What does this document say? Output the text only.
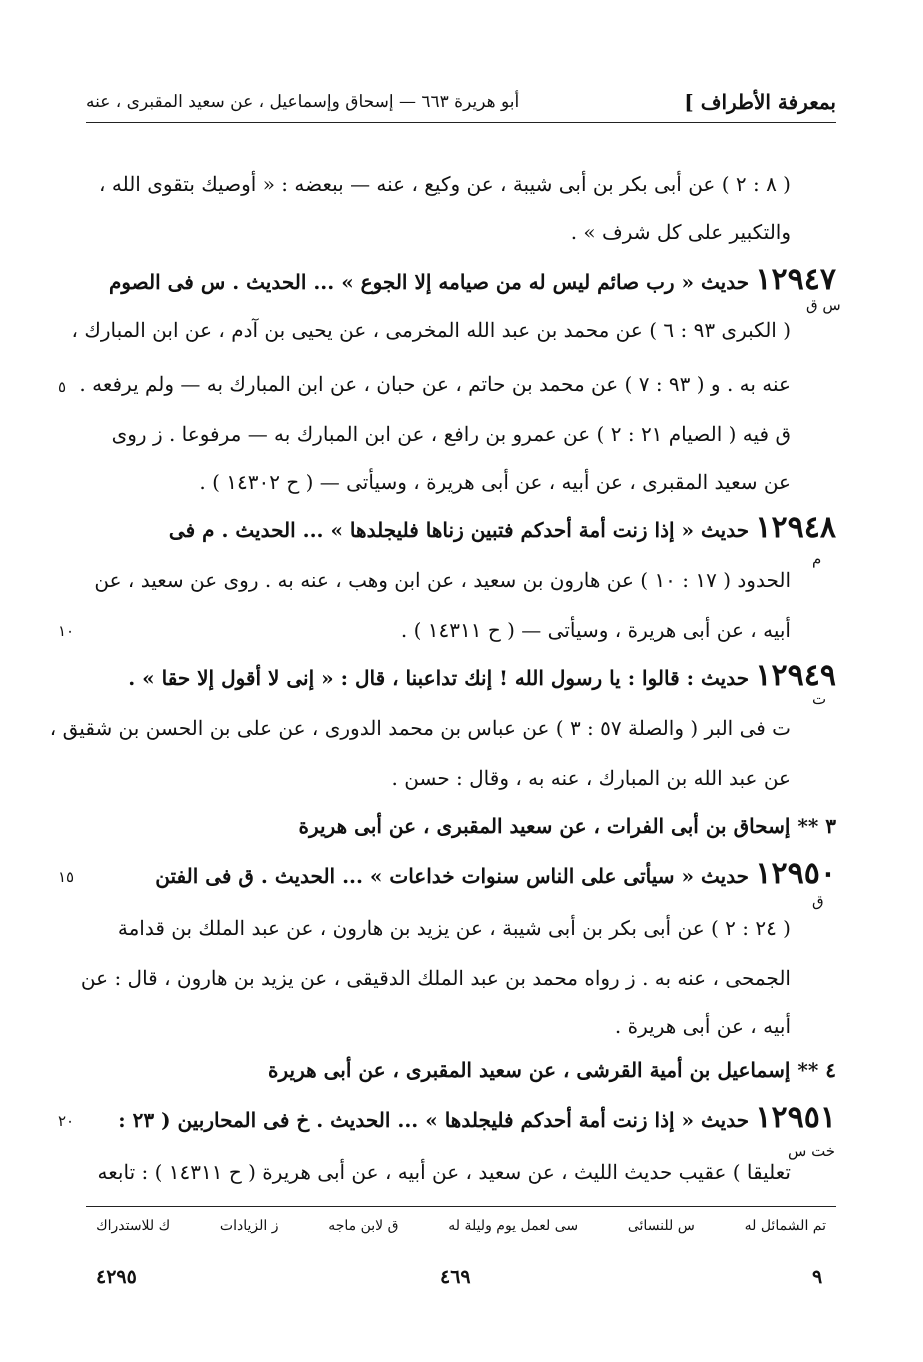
أبو هريرة ٦٦٣ — إسحاق وإسماعيل ، عن سعيد المقبرى ، عنه	بمعرفة الأطراف ]
( ٨ : ٢ ) عن أبى بكر بن أبى شيبة ، عن وكيع ، عنه — ببعضه : « أوصيك بتقوى الله ،
والتكبير على كل شرف » .
١٢٩٤٧ حديث « رب صائم ليس له من صيامه إلا الجوع » ... الحديث . س فى الصوم
( الكبرى ٩٣ : ٦ ) عن محمد بن عبد الله المخرمى ، عن يحيى بن آدم ، عن ابن المبارك ،
عنه به . و ( ٩٣ : ٧ ) عن محمد بن حاتم ، عن حبان ، عن ابن المبارك به — ولم يرفعه .
ق فيه ( الصيام ٢١ : ٢ ) عن عمرو بن رافع ، عن ابن المبارك به — مرفوعا . ز روى
عن سعيد المقبرى ، عن أبيه ، عن أبى هريرة ، وسيأتى — ( ح ١٤٣٠٢ ) .
١٢٩٤٨ حديث « إذا زنت أمة أحدكم فتبين زناها فليجلدها » ... الحديث . م فى
الحدود ( ١٧ : ١٠ ) عن هارون بن سعيد ، عن ابن وهب ، عنه به . روى عن سعيد ، عن
أبيه ، عن أبى هريرة ، وسيأتى — ( ح ١٤٣١١ ) .
١٢٩٤٩ حديث : قالوا : يا رسول الله ! إنك تداعبنا ، قال : « إنى لا أقول إلا حقا » .
ت فى البر ( والصلة ٥٧ : ٣ ) عن عباس بن محمد الدورى ، عن على بن الحسن بن شقيق ،
عن عبد الله بن المبارك ، عنه به ، وقال : حسن .
٣ ** إسحاق بن أبى الفرات ، عن سعيد المقبرى ، عن أبى هريرة
١٢٩٥٠ حديث « سيأتى على الناس سنوات خداعات » ... الحديث . ق فى الفتن
( ٢٤ : ٢ ) عن أبى بكر بن أبى شيبة ، عن يزيد بن هارون ، عن عبد الملك بن قدامة
الجمحى ، عنه به . ز رواه محمد بن عبد الملك الدقيقى ، عن يزيد بن هارون ، قال : عن
أبيه ، عن أبى هريرة .
٤ ** إسماعيل بن أمية القرشى ، عن سعيد المقبرى ، عن أبى هريرة
١٢٩٥١ حديث « إذا زنت أمة أحدكم فليجلدها » ... الحديث . خ فى المحاربين ( ٢٣ :
تعليقا ) عقيب حديث الليث ، عن سعيد ، عن أبيه ، عن أبى هريرة ( ح ١٤٣١١ ) : تابعه
س ق
م
ت
ق
خت س
٥
١٠
١٥
٢٠
تم الشمائل له
س للنسائى
سى لعمل يوم وليلة له
ق لابن ماجه
ز الزيادات
ك للاستدراك
٩
٤٦٩
٤٢٩٥
